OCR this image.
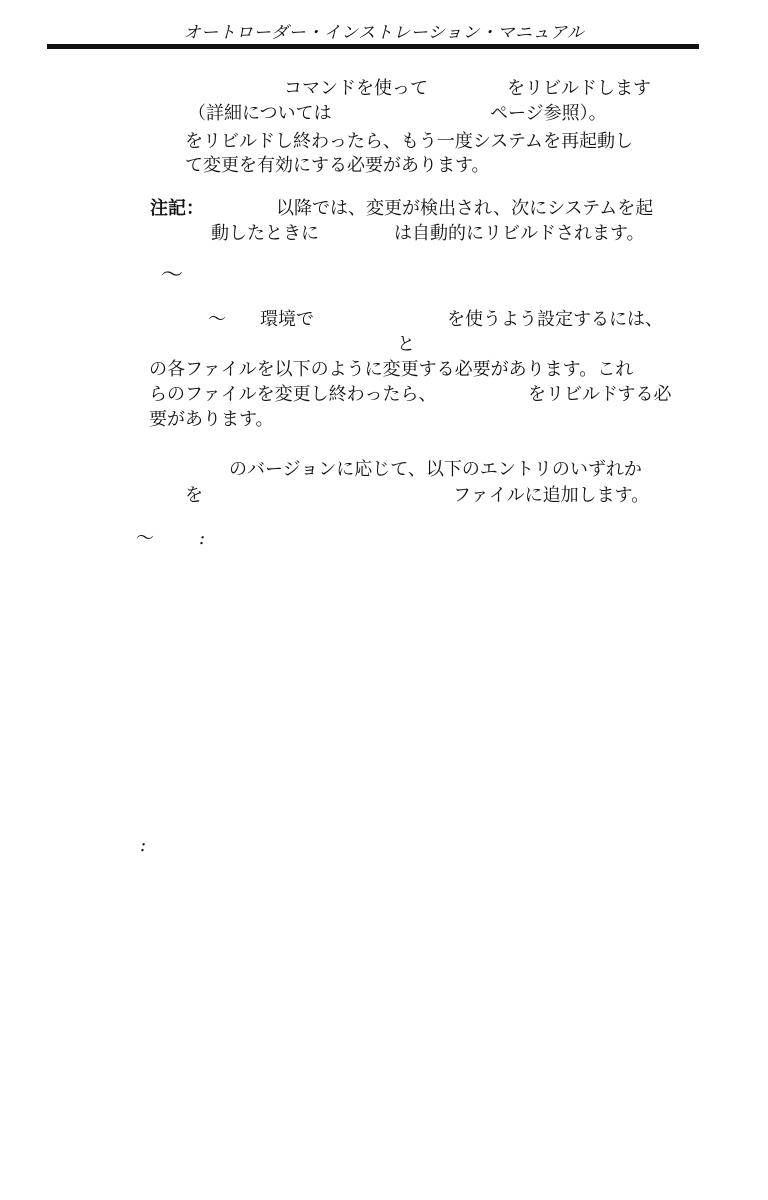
オートローダー・インストレーション・マニュアル
コマンドを使って	をリビルドします
（詳細については	ページ参照）。
をリビルドし終わったら、もう一度システムを再起動し
て変更を有効にする必要があります。
注記：	以降では、変更が検出され、次にシステムを起
動したときに	は自動的にリビルドされます。
～
～ 環境で	を使うよう設定するには、
と
の各ファイルを以下のように変更する必要があります。これ
らのファイルを変更し終わったら、	をリビルドする必
要があります。
のバージョンに応じて、以下のエントリのいずれか
を	ファイルに追加します。
～	:
:
